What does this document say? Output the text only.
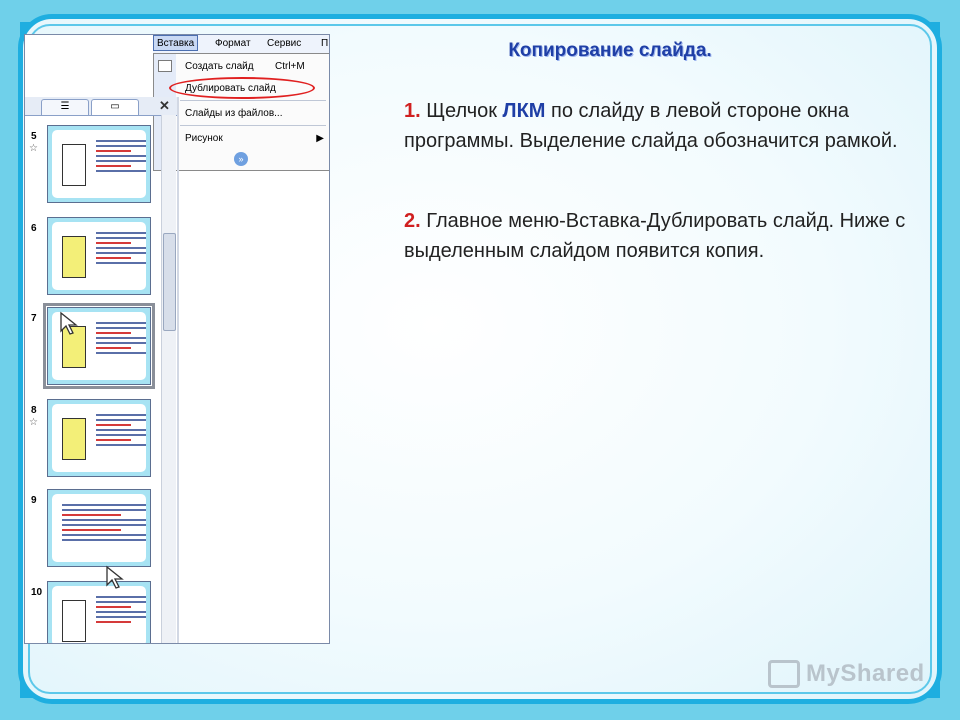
Копирование слайда.
1. Щелчок ЛКМ по слайду в левой стороне окна программы. Выделение слайда обозначится рамкой.
2. Главное меню-Вставка-Дублировать слайд. Ниже с выделенным слайдом появится копия.
Вставка	Формат Сервис П
Создать слайд Ctrl+M
Дублировать слайд
Слайды из файлов...
Рисунок	▶
»
☰	▭	✕
5
☆
6
7
8
☆
9
10
MyShared
